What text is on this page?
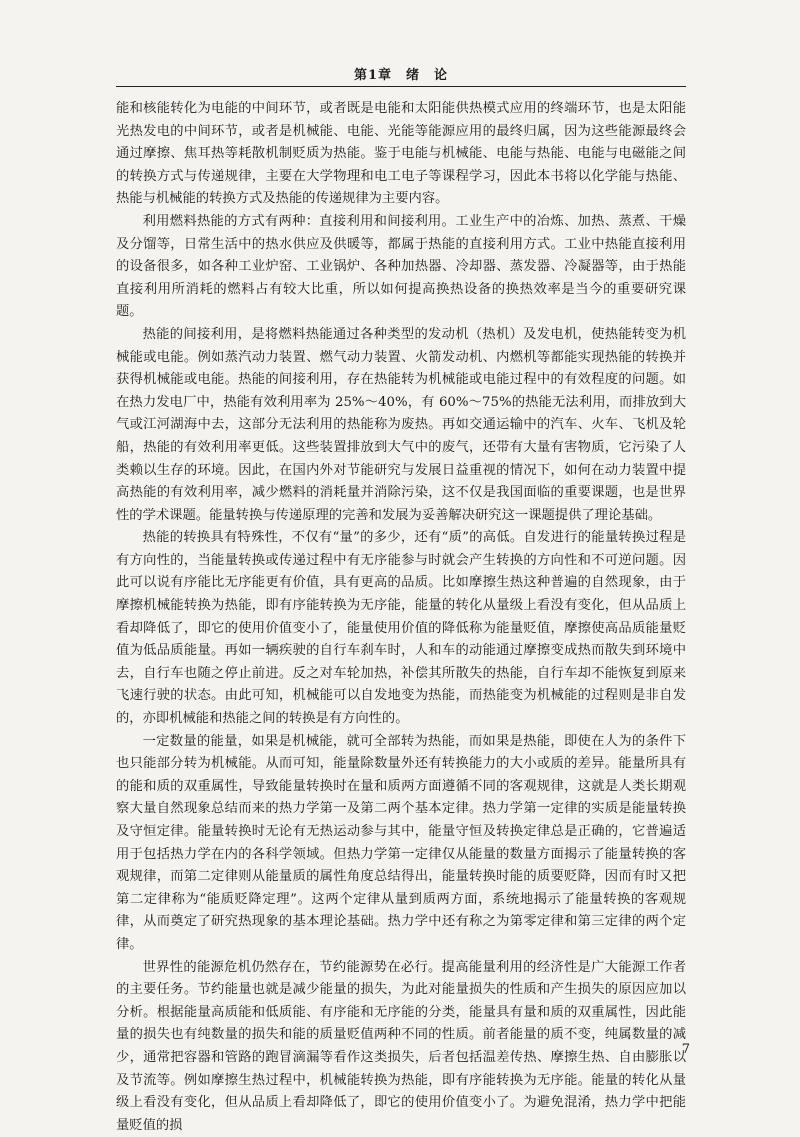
第1章　绪　论

能和核能转化为电能的中间环节，或者既是电能和太阳能供热模式应用的终端环节，也是太阳能光热发电的中间环节，或者是机械能、电能、光能等能源应用的最终归属，因为这些能源最终会通过摩擦、焦耳热等耗散机制贬质为热能。鉴于电能与机械能、电能与热能、电能与电磁能之间的转换方式与传递规律，主要在大学物理和电工电子等课程学习，因此本书将以化学能与热能、热能与机械能的转换方式及热能的传递规律为主要内容。

利用燃料热能的方式有两种：直接利用和间接利用。工业生产中的冶炼、加热、蒸煮、干燥及分馏等，日常生活中的热水供应及供暖等，都属于热能的直接利用方式。工业中热能直接利用的设备很多，如各种工业炉窑、工业锅炉、各种加热器、冷却器、蒸发器、冷凝器等，由于热能直接利用所消耗的燃料占有较大比重，所以如何提高换热设备的换热效率是当今的重要研究课题。

热能的间接利用，是将燃料热能通过各种类型的发动机（热机）及发电机，使热能转变为机械能或电能。例如蒸汽动力装置、燃气动力装置、火箭发动机、内燃机等都能实现热能的转换并获得机械能或电能。热能的间接利用，存在热能转为机械能或电能过程中的有效程度的问题。如在热力发电厂中，热能有效利用率为 25%～40%，有 60%～75%的热能无法利用，而排放到大气或江河湖海中去，这部分无法利用的热能称为废热。再如交通运输中的汽车、火车、飞机及轮船，热能的有效利用率更低。这些装置排放到大气中的废气，还带有大量有害物质，它污染了人类赖以生存的环境。因此，在国内外对节能研究与发展日益重视的情况下，如何在动力装置中提高热能的有效利用率，减少燃料的消耗量并消除污染，这不仅是我国面临的重要课题，也是世界性的学术课题。能量转换与传递原理的完善和发展为妥善解决研究这一课题提供了理论基础。

热能的转换具有特殊性，不仅有“量”的多少，还有“质”的高低。自发进行的能量转换过程是有方向性的，当能量转换或传递过程中有无序能参与时就会产生转换的方向性和不可逆问题。因此可以说有序能比无序能更有价值，具有更高的品质。比如摩擦生热这种普遍的自然现象，由于摩擦机械能转换为热能，即有序能转换为无序能，能量的转化从量级上看没有变化，但从品质上看却降低了，即它的使用价值变小了，能量使用价值的降低称为能量贬值，摩擦使高品质能量贬值为低品质能量。再如一辆疾驶的自行车刹车时，人和车的动能通过摩擦变成热而散失到环境中去，自行车也随之停止前进。反之对车轮加热，补偿其所散失的热能，自行车却不能恢复到原来飞速行驶的状态。由此可知，机械能可以自发地变为热能，而热能变为机械能的过程则是非自发的，亦即机械能和热能之间的转换是有方向性的。

一定数量的能量，如果是机械能，就可全部转为热能，而如果是热能，即使在人为的条件下也只能部分转为机械能。从而可知，能量除数量外还有转换能力的大小或质的差异。能量所具有的能和质的双重属性，导致能量转换时在量和质两方面遵循不同的客观规律，这就是人类长期观察大量自然现象总结而来的热力学第一及第二两个基本定律。热力学第一定律的实质是能量转换及守恒定律。能量转换时无论有无热运动参与其中，能量守恒及转换定律总是正确的，它普遍适用于包括热力学在内的各科学领域。但热力学第一定律仅从能量的数量方面揭示了能量转换的客观规律，而第二定律则从能量质的属性角度总结得出，能量转换时能的质要贬降，因而有时又把第二定律称为“能质贬降定理”。这两个定律从量到质两方面，系统地揭示了能量转换的客观规律，从而奠定了研究热现象的基本理论基础。热力学中还有称之为第零定律和第三定律的两个定律。

世界性的能源危机仍然存在，节约能源势在必行。提高能量利用的经济性是广大能源工作者的主要任务。节约能量也就是减少能量的损失，为此对能量损失的性质和产生损失的原因应加以分析。根据能量高质能和低质能、有序能和无序能的分类，能量具有量和质的双重属性，因此能量的损失也有纯数量的损失和能的质量贬值两种不同的性质。前者能量的质不变，纯属数量的减少，通常把容器和管路的跑冒滴漏等看作这类损失，后者包括温差传热、摩擦生热、自由膨胀以及节流等。例如摩擦生热过程中，机械能转换为热能，即有序能转换为无序能。能量的转化从量级上看没有变化，但从品质上看却降低了，即它的使用价值变小了。为避免混淆，热力学中把能量贬值的损

7
